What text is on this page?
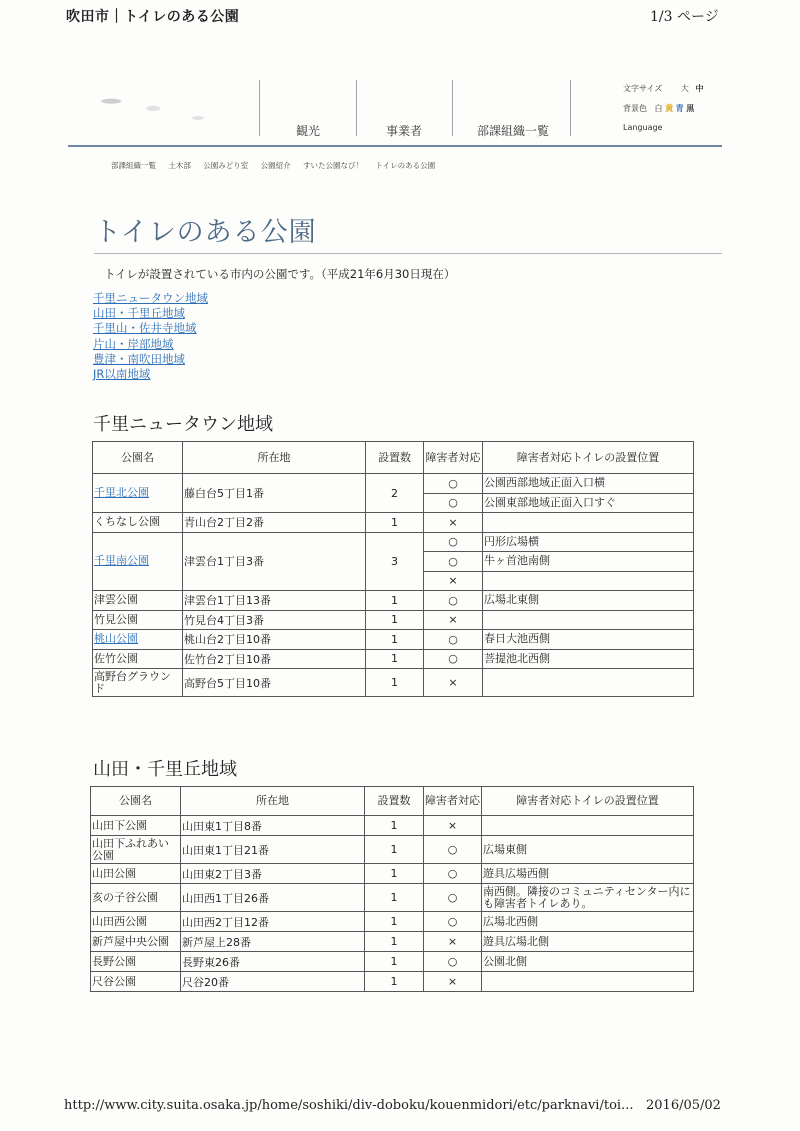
吹田市｜トイレのある公園	1/3 ページ
観光	事業者	部課組織一覧
文字サイズ 大 中
背景色 白 黄 青 黒
Language
部課組織一覧 土木部 公園みどり室 公園紹介 すいた公園なび！ トイレのある公園
トイレのある公園
トイレが設置されている市内の公園です。（平成21年6月30日現在）
千里ニュータウン地域
山田・千里丘地域
千里山・佐井寺地域
片山・岸部地域
豊津・南吹田地域
JR以南地域
千里ニュータウン地域
公園名	所在地	設置数	障害者対応	障害者対応トイレの設置位置
千里北公園	藤白台5丁目1番	2	○	公園西部地域正面入口横
			○	公園東部地域正面入口すぐ
くちなし公園	青山台2丁目2番	1	×	
千里南公園	津雲台1丁目3番	3	○	円形広場横
			○	牛ヶ首池南側
			×	
津雲公園	津雲台1丁目13番	1	○	広場北東側
竹見公園	竹見台4丁目3番	1	×	
桃山公園	桃山台2丁目10番	1	○	春日大池西側
佐竹公園	佐竹台2丁目10番	1	○	菩提池北西側
高野台グラウンド	高野台5丁目10番	1	×	
山田・千里丘地域
公園名	所在地	設置数	障害者対応	障害者対応トイレの設置位置
山田下公園	山田東1丁目8番	1	×	
山田下ふれあい公園	山田東1丁目21番	1	○	広場東側
山田公園	山田東2丁目3番	1	○	遊具広場西側
亥の子谷公園	山田西1丁目26番	1	○	南西側。隣接のコミュニティセンター内にも障害者トイレあり。
山田西公園	山田西2丁目12番	1	○	広場北西側
新芦屋中央公園	新芦屋上28番	1	×	遊具広場北側
長野公園	長野東26番	1	○	公園北側
尺谷公園	尺谷20番	1	×	
http://www.city.suita.osaka.jp/home/soshiki/div-doboku/kouenmidori/etc/parknavi/toi... 2016/05/02
